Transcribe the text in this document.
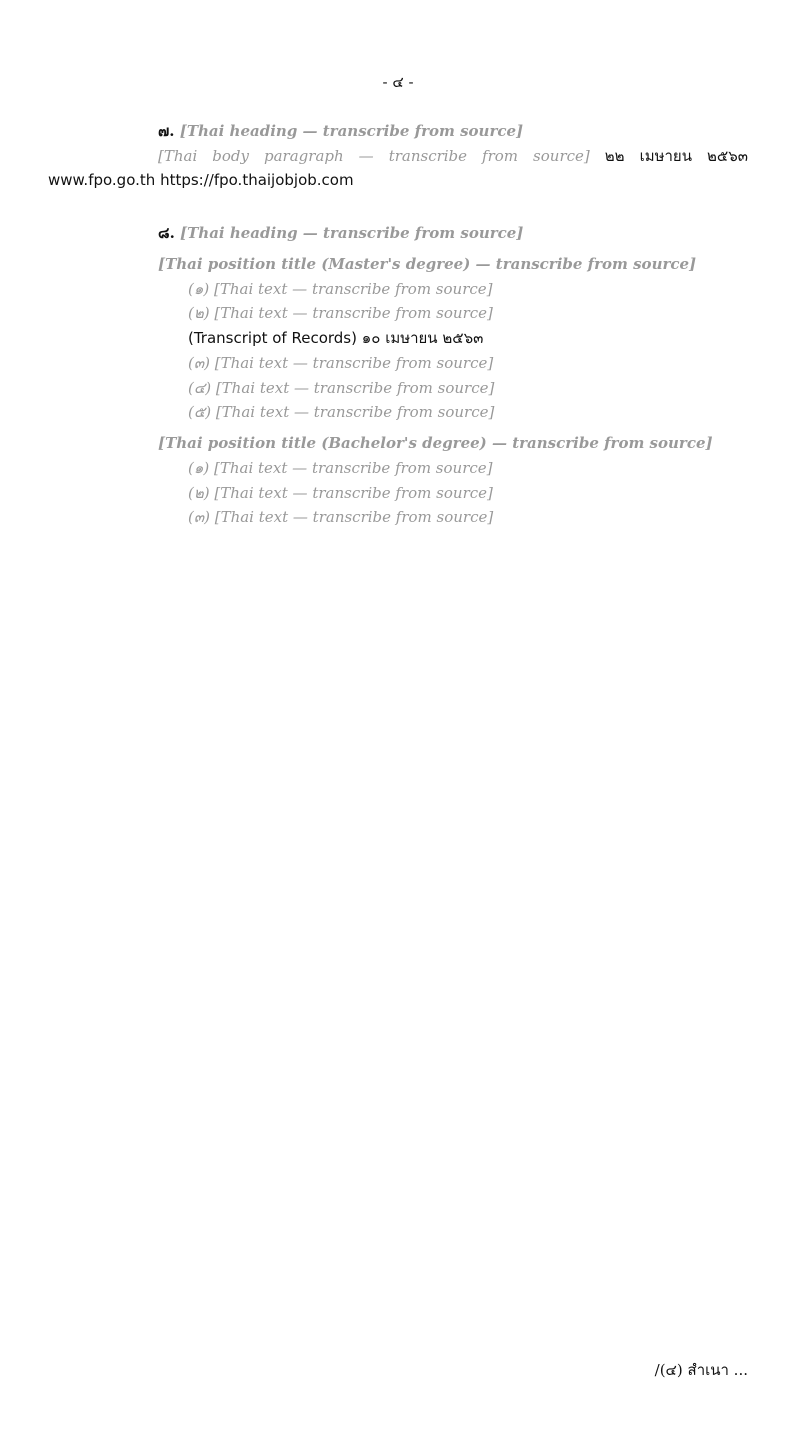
- ๔ -

๗. [Thai heading — transcribe from source]

[Thai body paragraph — transcribe from source] ๒๒ เมษายน ๒๕๖๓ www.fpo.go.th https://fpo.thaijobjob.com

๘. [Thai heading — transcribe from source]

[Thai position title (Master's degree) — transcribe from source]

(๑) [Thai text — transcribe from source]

(๒) [Thai text — transcribe from source]

(Transcript of Records) ๑๐ เมษายน ๒๕๖๓

(๓) [Thai text — transcribe from source]

(๔) [Thai text — transcribe from source]

(๕) [Thai text — transcribe from source]

[Thai position title (Bachelor's degree) — transcribe from source]

(๑) [Thai text — transcribe from source]

(๒) [Thai text — transcribe from source]

(๓) [Thai text — transcribe from source]

/(๔) สำเนา ...
